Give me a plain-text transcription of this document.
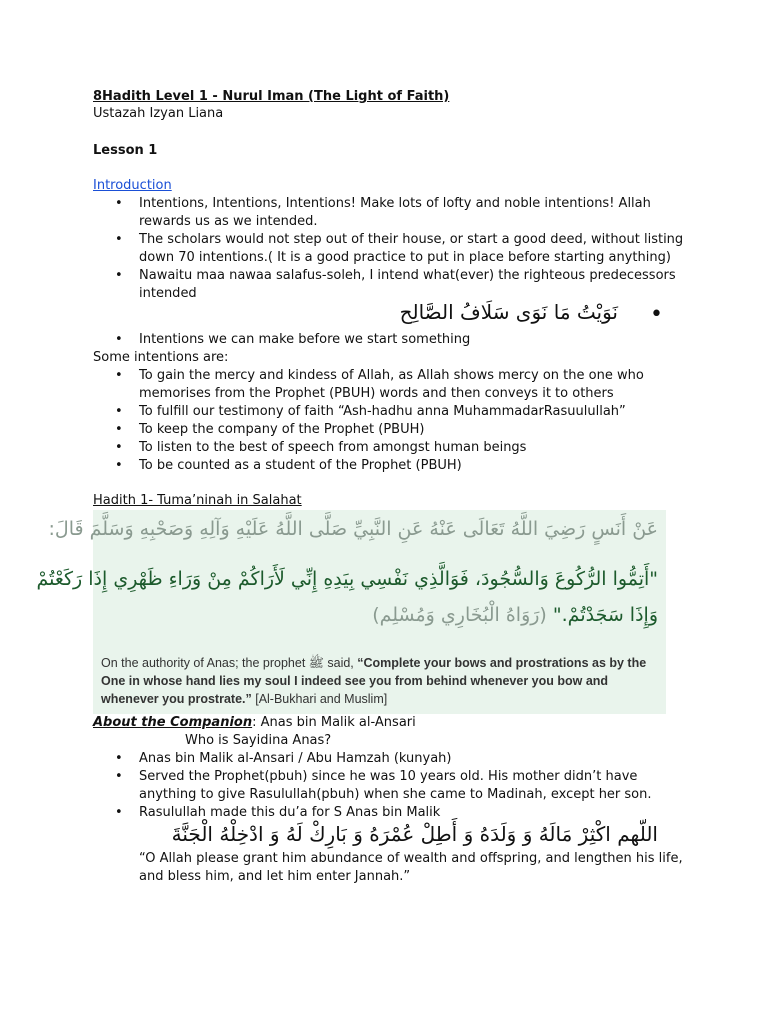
8Hadith Level 1 - Nurul Iman (The Light of Faith)
Ustazah Izyan Liana
Lesson 1
Introduction
• Intentions, Intentions, Intentions! Make lots of lofty and noble intentions! Allah
rewards us as we intended.
• The scholars would not step out of their house, or start a good deed, without listing
down 70 intentions.( It is a good practice to put in place before starting anything)
• Nawaitu maa nawaa salafus-soleh, I intend what(ever) the righteous predecessors
intended
نَوَيْتُ مَا نَوَى سَلَافُ الصَّالِح •
• Intentions we can make before we start something
Some intentions are:
• To gain the mercy and kindess of Allah, as Allah shows mercy on the one who
memorises from the Prophet (PBUH) words and then conveys it to others
• To fulfill our testimony of faith “Ash-hadhu anna MuhammadarRasuulullah”
• To keep the company of the Prophet (PBUH)
• To listen to the best of speech from amongst human beings
• To be counted as a student of the Prophet (PBUH)
Hadith 1- Tuma’ninah in Salahat
عَنْ أَنَسٍ رَضِيَ اللَّهُ تَعَالَى عَنْهُ عَنِ النَّبِيِّ صَلَّى اللَّهُ عَلَيْهِ وَآلِهِ وَصَحْبِهِ وَسَلَّمَ قَالَ:
"أَتِمُّوا الرُّكُوعَ وَالسُّجُودَ، فَوَالَّذِي نَفْسِي بِيَدِهِ إِنِّي لَأَرَاكُمْ مِنْ وَرَاءِ ظَهْرِي إِذَا رَكَعْتُمْ
وَإِذَا سَجَدْتُمْ." (رَوَاهُ الْبُخَارِي وَمُسْلِم)
On the authority of Anas; the prophet ﷺ said, “Complete your bows and prostrations as by the
One in whose hand lies my soul I indeed see you from behind whenever you bow and
whenever you prostrate.” [Al-Bukhari and Muslim]
About the Companion: Anas bin Malik al-Ansari
Who is Sayidina Anas?
• Anas bin Malik al-Ansari / Abu Hamzah (kunyah)
• Served the Prophet(pbuh) since he was 10 years old. His mother didn’t have
anything to give Rasulullah(pbuh) when she came to Madinah, except her son.
• Rasulullah made this du’a for S Anas bin Malik
اللّهم اكْثِرْ مَالَهُ وَ وَلَدَهُ وَ أَطِلْ عُمْرَهُ وَ بَارِكْ لَهُ وَ ادْخِلْهُ الْجَنَّةَ
“O Allah please grant him abundance of wealth and offspring, and lengthen his life,
and bless him, and let him enter Jannah.”
